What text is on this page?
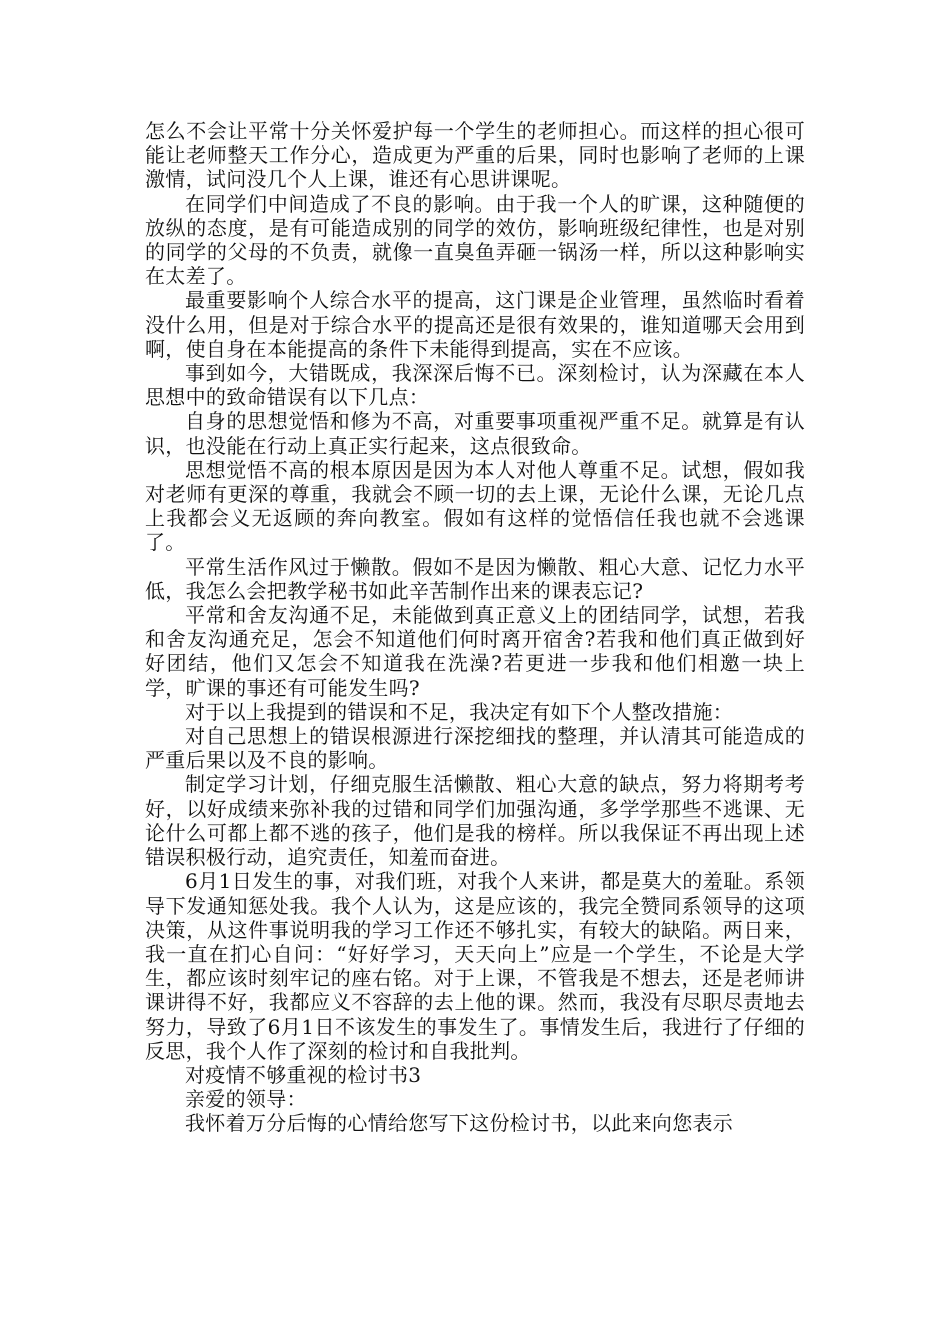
怎么不会让平常十分关怀爱护每一个学生的老师担心。而这样的担心很可能让老师整天工作分心，造成更为严重的后果，同时也影响了老师的上课激情，试问没几个人上课，谁还有心思讲课呢。

在同学们中间造成了不良的影响。由于我一个人的旷课，这种随便的放纵的态度，是有可能造成别的同学的效仿，影响班级纪律性，也是对别的同学的父母的不负责，就像一直臭鱼弄砸一锅汤一样，所以这种影响实在太差了。

最重要影响个人综合水平的提高，这门课是企业管理，虽然临时看着没什么用，但是对于综合水平的提高还是很有效果的，谁知道哪天会用到啊，使自身在本能提高的条件下未能得到提高，实在不应该。

事到如今，大错既成，我深深后悔不已。深刻检讨，认为深藏在本人思想中的致命错误有以下几点：

自身的思想觉悟和修为不高，对重要事项重视严重不足。就算是有认识，也没能在行动上真正实行起来，这点很致命。

思想觉悟不高的根本原因是因为本人对他人尊重不足。试想，假如我对老师有更深的尊重，我就会不顾一切的去上课，无论什么课，无论几点上我都会义无返顾的奔向教室。假如有这样的觉悟信任我也就不会逃课了。

平常生活作风过于懒散。假如不是因为懒散、粗心大意、记忆力水平低，我怎么会把教学秘书如此辛苦制作出来的课表忘记?

平常和舍友沟通不足，未能做到真正意义上的团结同学，试想，若我和舍友沟通充足，怎会不知道他们何时离开宿舍?若我和他们真正做到好好团结，他们又怎会不知道我在洗澡?若更进一步我和他们相邀一块上学，旷课的事还有可能发生吗?

对于以上我提到的错误和不足，我决定有如下个人整改措施：

对自己思想上的错误根源进行深挖细找的整理，并认清其可能造成的严重后果以及不良的影响。

制定学习计划，仔细克服生活懒散、粗心大意的缺点，努力将期考考好，以好成绩来弥补我的过错和同学们加强沟通，多学学那些不逃课、无论什么可都上都不逃的孩子，他们是我的榜样。所以我保证不再出现上述错误积极行动，追究责任，知羞而奋进。

6月1日发生的事，对我们班，对我个人来讲，都是莫大的羞耻。系领导下发通知惩处我。我个人认为，这是应该的，我完全赞同系领导的这项决策，从这件事说明我的学习工作还不够扎实，有较大的缺陷。两日来，我一直在扪心自问：“好好学习，天天向上”应是一个学生，不论是大学生，都应该时刻牢记的座右铭。对于上课，不管我是不想去，还是老师讲课讲得不好，我都应义不容辞的去上他的课。然而，我没有尽职尽责地去努力，导致了6月1日不该发生的事发生了。事情发生后，我进行了仔细的反思，我个人作了深刻的检讨和自我批判。

对疫情不够重视的检讨书3

亲爱的领导：

我怀着万分后悔的心情给您写下这份检讨书，以此来向您表示
